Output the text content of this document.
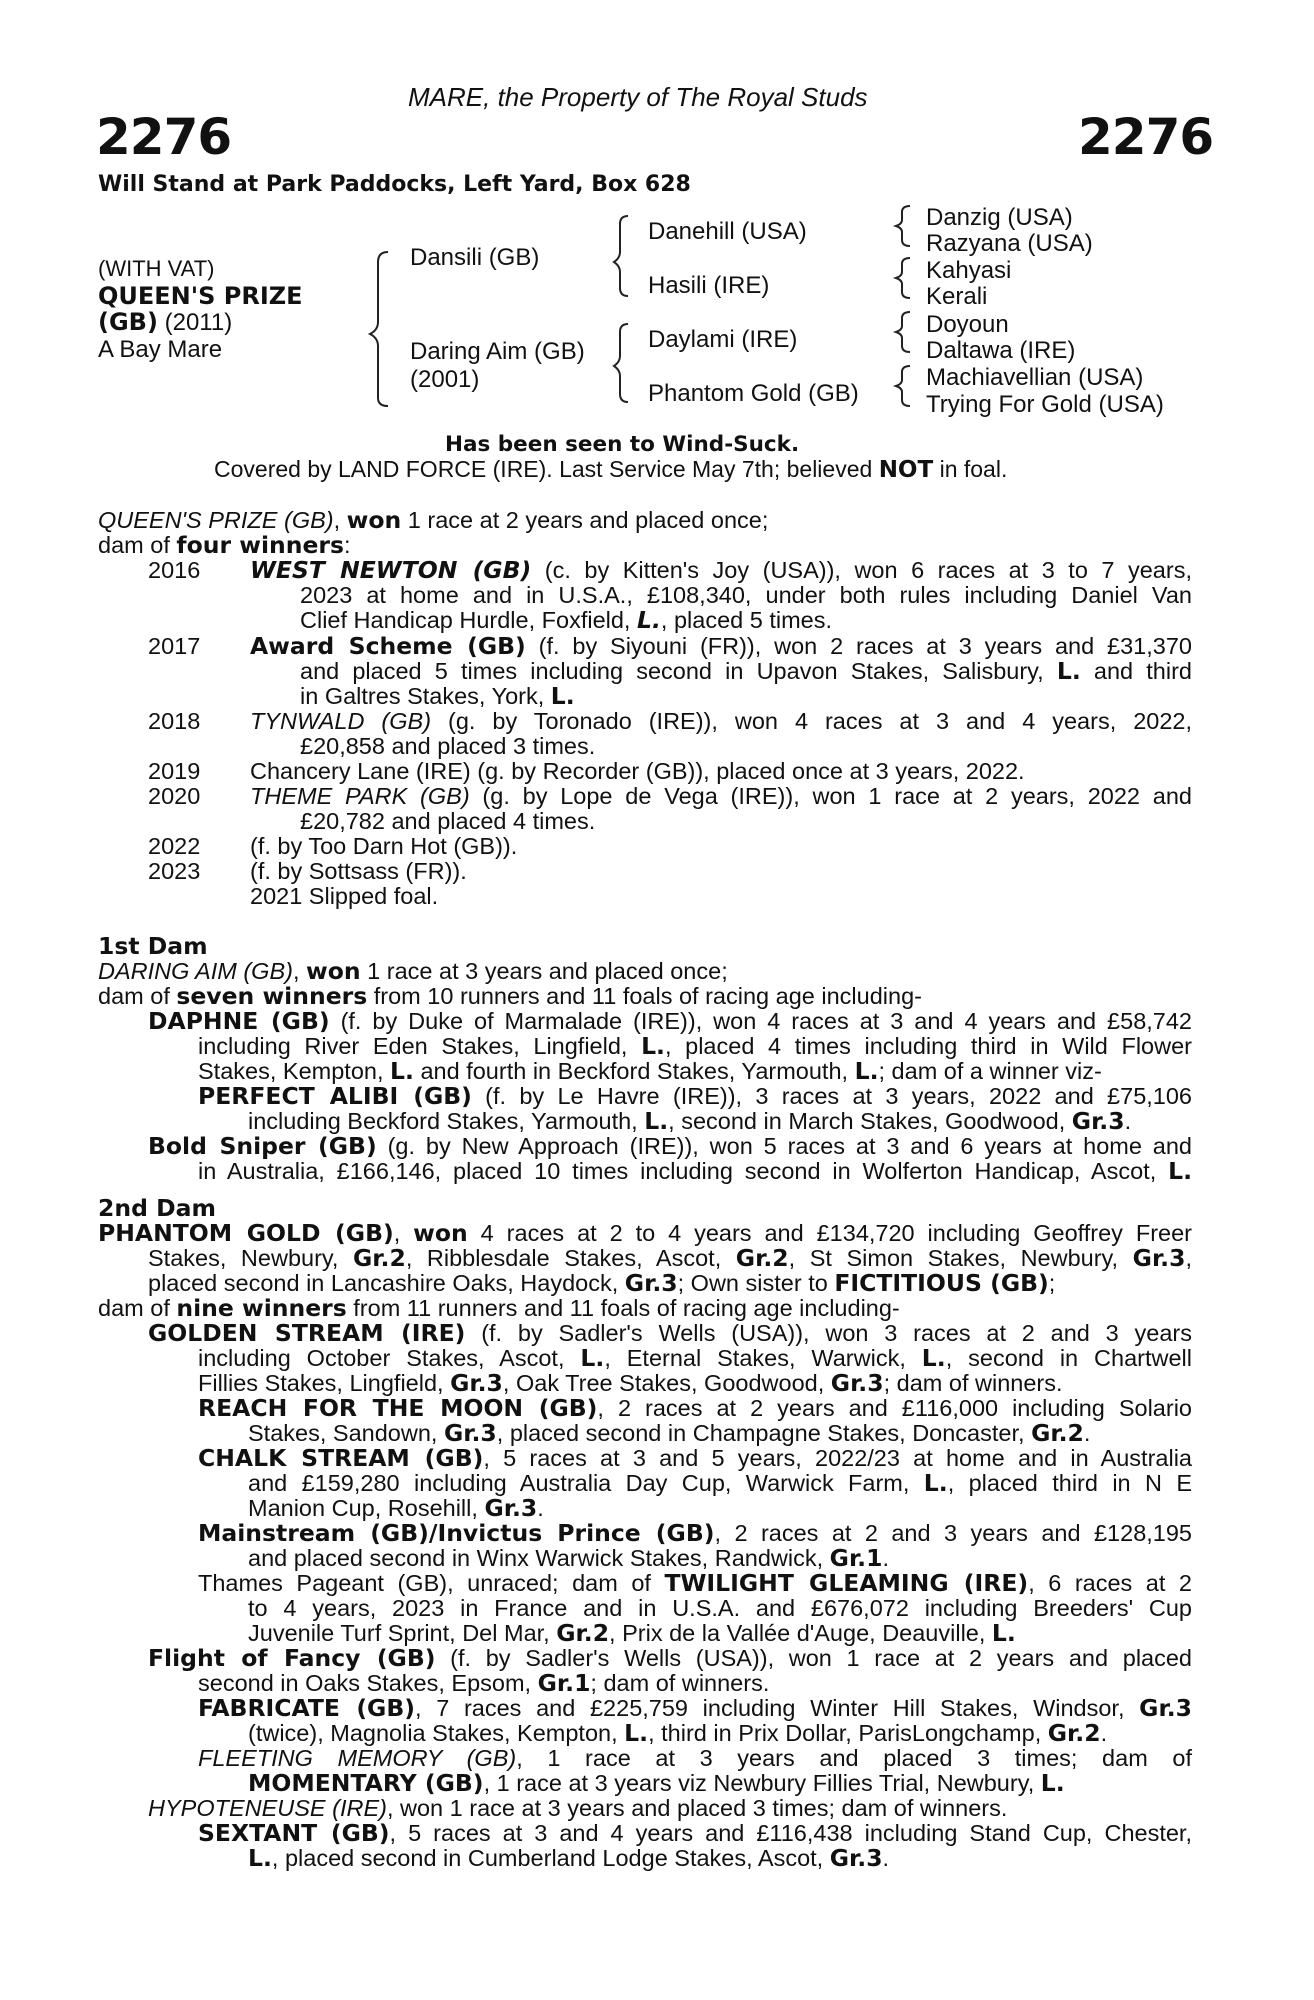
MARE, the Property of The Royal Studs
2276	2276
Will Stand at Park Paddocks, Left Yard, Box 628
(WITH VAT)
QUEEN'S PRIZE
(GB) (2011)
A Bay Mare
Dansili (GB)
Daring Aim (GB)
(2001)
Danehill (USA)
Hasili (IRE)
Daylami (IRE)
Phantom Gold (GB)
Danzig (USA)
Razyana (USA)
Kahyasi
Kerali
Doyoun
Daltawa (IRE)
Machiavellian (USA)
Trying For Gold (USA)
Has been seen to Wind-Suck.
Covered by LAND FORCE (IRE). Last Service May 7th; believed NOT in foal.
QUEEN'S PRIZE (GB), won 1 race at 2 years and placed once;
dam of four winners:
2016 WEST NEWTON (GB) (c. by Kitten's Joy (USA)), won 6 races at 3 to 7 years,
2023 at home and in U.S.A., £108,340, under both rules including Daniel Van
Clief Handicap Hurdle, Foxfield, L., placed 5 times.
2017 Award Scheme (GB) (f. by Siyouni (FR)), won 2 races at 3 years and £31,370
and placed 5 times including second in Upavon Stakes, Salisbury, L. and third
in Galtres Stakes, York, L.
2018 TYNWALD (GB) (g. by Toronado (IRE)), won 4 races at 3 and 4 years, 2022,
£20,858 and placed 3 times.
2019 Chancery Lane (IRE) (g. by Recorder (GB)), placed once at 3 years, 2022.
2020 THEME PARK (GB) (g. by Lope de Vega (IRE)), won 1 race at 2 years, 2022 and
£20,782 and placed 4 times.
2022 (f. by Too Darn Hot (GB)).
2023 (f. by Sottsass (FR)).
2021 Slipped foal.
1st Dam
DARING AIM (GB), won 1 race at 3 years and placed once;
dam of seven winners from 10 runners and 11 foals of racing age including-
DAPHNE (GB) (f. by Duke of Marmalade (IRE)), won 4 races at 3 and 4 years and £58,742
including River Eden Stakes, Lingfield, L., placed 4 times including third in Wild Flower
Stakes, Kempton, L. and fourth in Beckford Stakes, Yarmouth, L.; dam of a winner viz-
PERFECT ALIBI (GB) (f. by Le Havre (IRE)), 3 races at 3 years, 2022 and £75,106
including Beckford Stakes, Yarmouth, L., second in March Stakes, Goodwood, Gr.3.
Bold Sniper (GB) (g. by New Approach (IRE)), won 5 races at 3 and 6 years at home and
in Australia, £166,146, placed 10 times including second in Wolferton Handicap, Ascot, L.
2nd Dam
PHANTOM GOLD (GB), won 4 races at 2 to 4 years and £134,720 including Geoffrey Freer
Stakes, Newbury, Gr.2, Ribblesdale Stakes, Ascot, Gr.2, St Simon Stakes, Newbury, Gr.3,
placed second in Lancashire Oaks, Haydock, Gr.3; Own sister to FICTITIOUS (GB);
dam of nine winners from 11 runners and 11 foals of racing age including-
GOLDEN STREAM (IRE) (f. by Sadler's Wells (USA)), won 3 races at 2 and 3 years
including October Stakes, Ascot, L., Eternal Stakes, Warwick, L., second in Chartwell
Fillies Stakes, Lingfield, Gr.3, Oak Tree Stakes, Goodwood, Gr.3; dam of winners.
REACH FOR THE MOON (GB), 2 races at 2 years and £116,000 including Solario
Stakes, Sandown, Gr.3, placed second in Champagne Stakes, Doncaster, Gr.2.
CHALK STREAM (GB), 5 races at 3 and 5 years, 2022/23 at home and in Australia
and £159,280 including Australia Day Cup, Warwick Farm, L., placed third in N E
Manion Cup, Rosehill, Gr.3.
Mainstream (GB)/Invictus Prince (GB), 2 races at 2 and 3 years and £128,195
and placed second in Winx Warwick Stakes, Randwick, Gr.1.
Thames Pageant (GB), unraced; dam of TWILIGHT GLEAMING (IRE), 6 races at 2
to 4 years, 2023 in France and in U.S.A. and £676,072 including Breeders' Cup
Juvenile Turf Sprint, Del Mar, Gr.2, Prix de la Vallée d'Auge, Deauville, L.
Flight of Fancy (GB) (f. by Sadler's Wells (USA)), won 1 race at 2 years and placed
second in Oaks Stakes, Epsom, Gr.1; dam of winners.
FABRICATE (GB), 7 races and £225,759 including Winter Hill Stakes, Windsor, Gr.3
(twice), Magnolia Stakes, Kempton, L., third in Prix Dollar, ParisLongchamp, Gr.2.
FLEETING MEMORY (GB), 1 race at 3 years and placed 3 times; dam of
MOMENTARY (GB), 1 race at 3 years viz Newbury Fillies Trial, Newbury, L.
HYPOTENEUSE (IRE), won 1 race at 3 years and placed 3 times; dam of winners.
SEXTANT (GB), 5 races at 3 and 4 years and £116,438 including Stand Cup, Chester,
L., placed second in Cumberland Lodge Stakes, Ascot, Gr.3.
